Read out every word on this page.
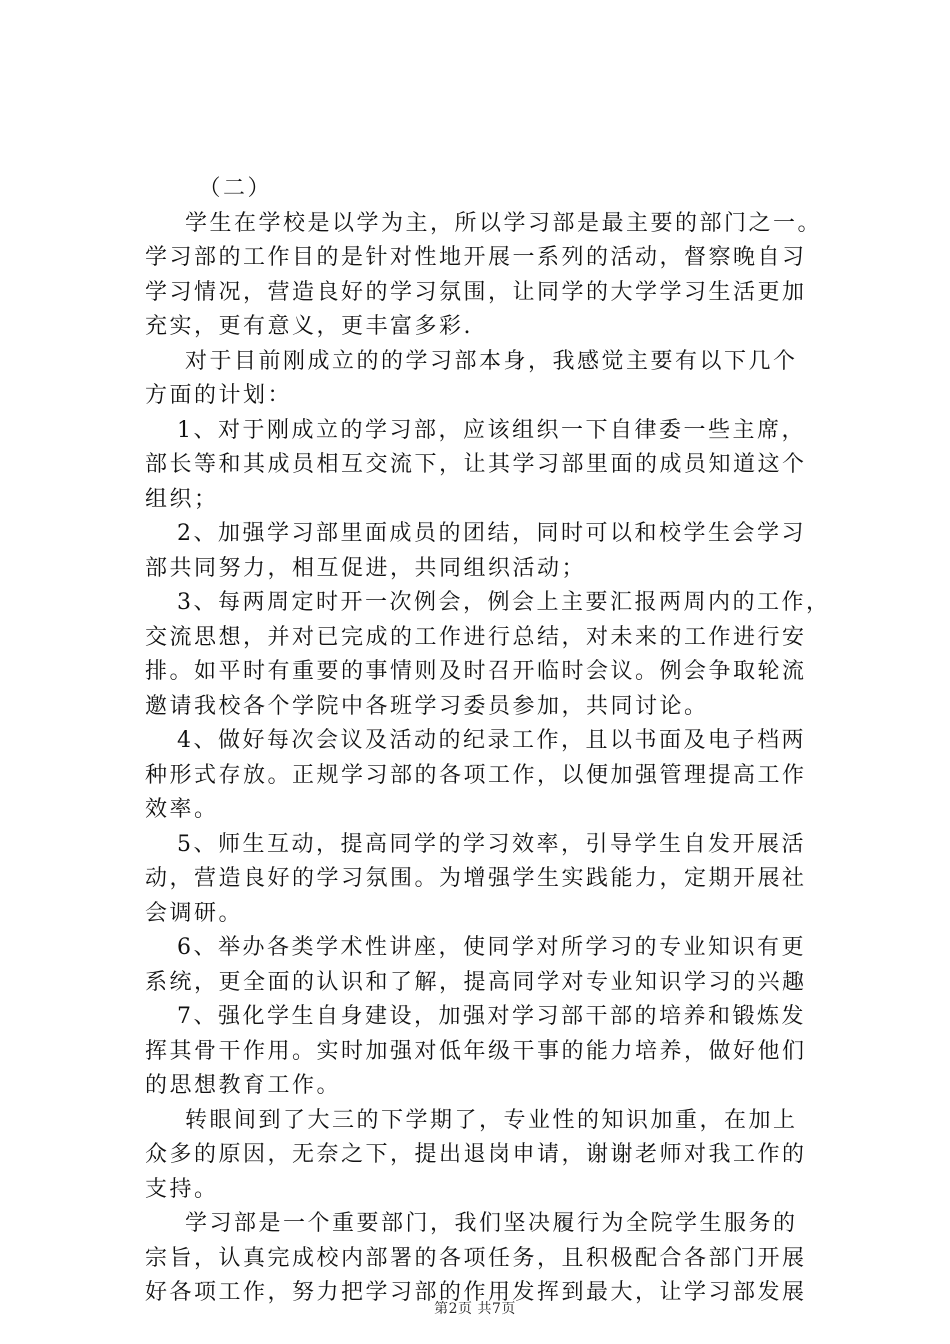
　（二）
学生在学校是以学为主，所以学习部是最主要的部门之一。
学习部的工作目的是针对性地开展一系列的活动，督察晚自习
学习情况，营造良好的学习氛围，让同学的大学学习生活更加
充实，更有意义，更丰富多彩.
对于目前刚成立的的学习部本身，我感觉主要有以下几个
方面的计划：
1、对于刚成立的学习部，应该组织一下自律委一些主席，
部长等和其成员相互交流下，让其学习部里面的成员知道这个
组织；
2、加强学习部里面成员的团结，同时可以和校学生会学习
部共同努力，相互促进，共同组织活动；
3、每两周定时开一次例会，例会上主要汇报两周内的工作，
交流思想，并对已完成的工作进行总结，对未来的工作进行安
排。如平时有重要的事情则及时召开临时会议。例会争取轮流
邀请我校各个学院中各班学习委员参加，共同讨论。
4、做好每次会议及活动的纪录工作，且以书面及电子档两
种形式存放。正规学习部的各项工作，以便加强管理提高工作
效率。
5、师生互动，提高同学的学习效率，引导学生自发开展活
动，营造良好的学习氛围。为增强学生实践能力，定期开展社
会调研。
6、举办各类学术性讲座，使同学对所学习的专业知识有更
系统，更全面的认识和了解，提高同学对专业知识学习的兴趣
7、强化学生自身建设，加强对学习部干部的培养和锻炼发
挥其骨干作用。实时加强对低年级干事的能力培养，做好他们
的思想教育工作。
转眼间到了大三的下学期了，专业性的知识加重，在加上
众多的原因，无奈之下，提出退岗申请，谢谢老师对我工作的
支持。
学习部是一个重要部门，我们坚决履行为全院学生服务的
宗旨，认真完成校内部署的各项任务，且积极配合各部门开展
好各项工作，努力把学习部的作用发挥到最大，让学习部发展
第2页 共7页
